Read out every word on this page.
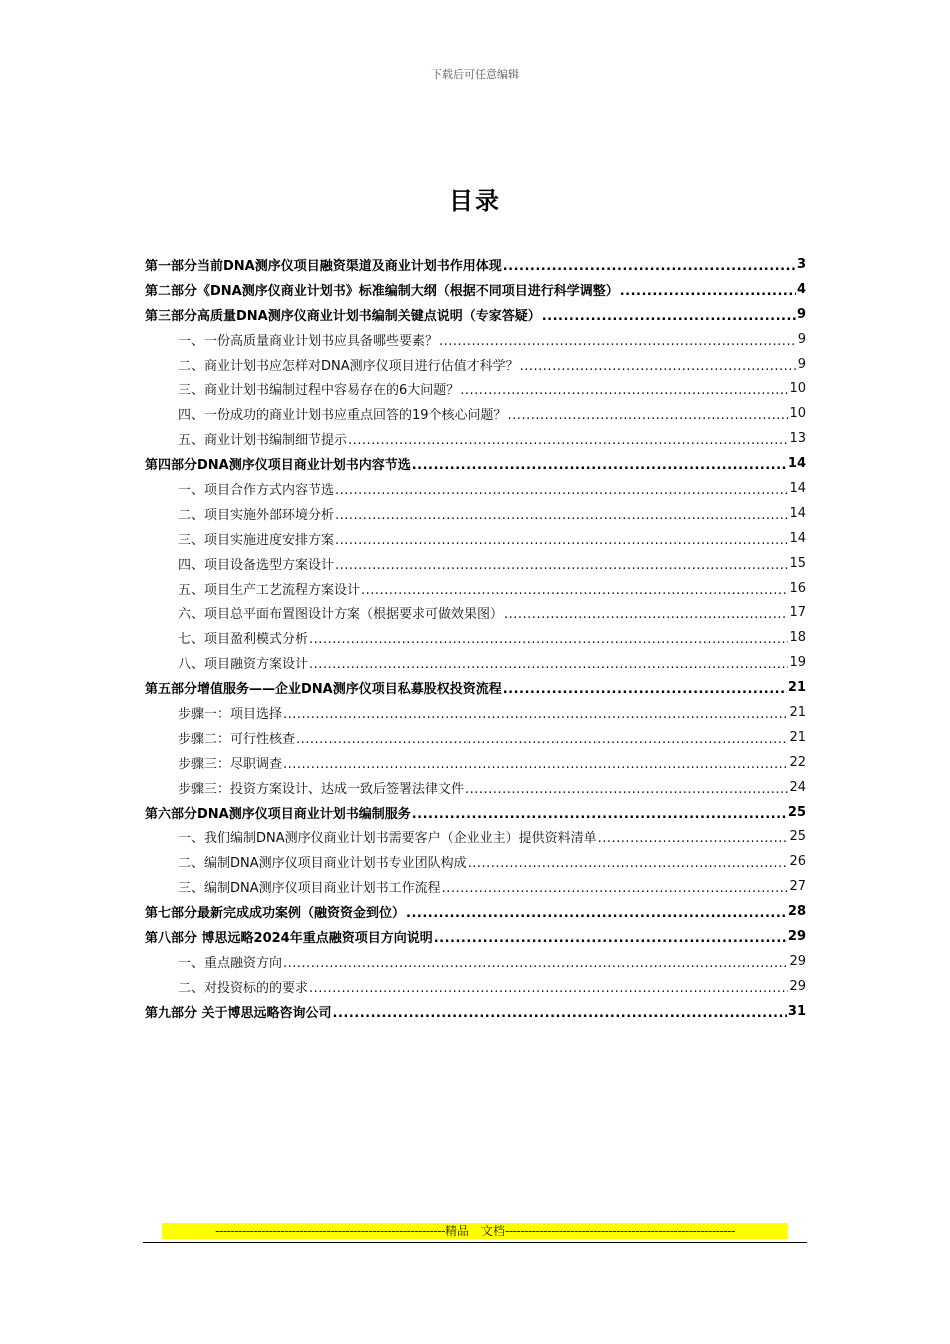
下载后可任意编辑
目录
第一部分当前DNA测序仪项目融资渠道及商业计划书作用体现 .....	3
第二部分《DNA测序仪商业计划书》标准编制大纲（根据不同项目进行科学调整） .....	4
第三部分高质量DNA测序仪商业计划书编制关键点说明（专家答疑） .....	9
一、一份高质量商业计划书应具备哪些要素？ .....	9
二、商业计划书应怎样对DNA测序仪项目进行估值才科学？ .....	9
三、商业计划书编制过程中容易存在的6大问题？ .....	10
四、一份成功的商业计划书应重点回答的19个核心问题？ .....	10
五、商业计划书编制细节提示 .....	13
第四部分DNA测序仪项目商业计划书内容节选 .....	14
一、项目合作方式内容节选 .....	14
二、项目实施外部环境分析 .....	14
三、项目实施进度安排方案 .....	14
四、项目设备选型方案设计 .....	15
五、项目生产工艺流程方案设计 .....	16
六、项目总平面布置图设计方案（根据要求可做效果图） .....	17
七、项目盈利模式分析 .....	18
八、项目融资方案设计 .....	19
第五部分增值服务——企业DNA测序仪项目私募股权投资流程 .....	21
步骤一：项目选择 .....	21
步骤二：可行性核查 .....	21
步骤三：尽职调查 .....	22
步骤三：投资方案设计、达成一致后签署法律文件 .....	24
第六部分DNA测序仪项目商业计划书编制服务 .....	25
一、我们编制DNA测序仪商业计划书需要客户（企业业主）提供资料清单 .....	25
二、编制DNA测序仪项目商业计划书专业团队构成 .....	26
三、编制DNA测序仪项目商业计划书工作流程 .....	27
第七部分最新完成成功案例（融资资金到位） .....	28
第八部分 博思远略2024年重点融资项目方向说明 .....	29
一、重点融资方向 .....	29
二、对投资标的的要求 .....	29
第九部分 关于博思远略咨询公司 .....	31
------------------------------------------------------------精品　文档------------------------------------------------------------
